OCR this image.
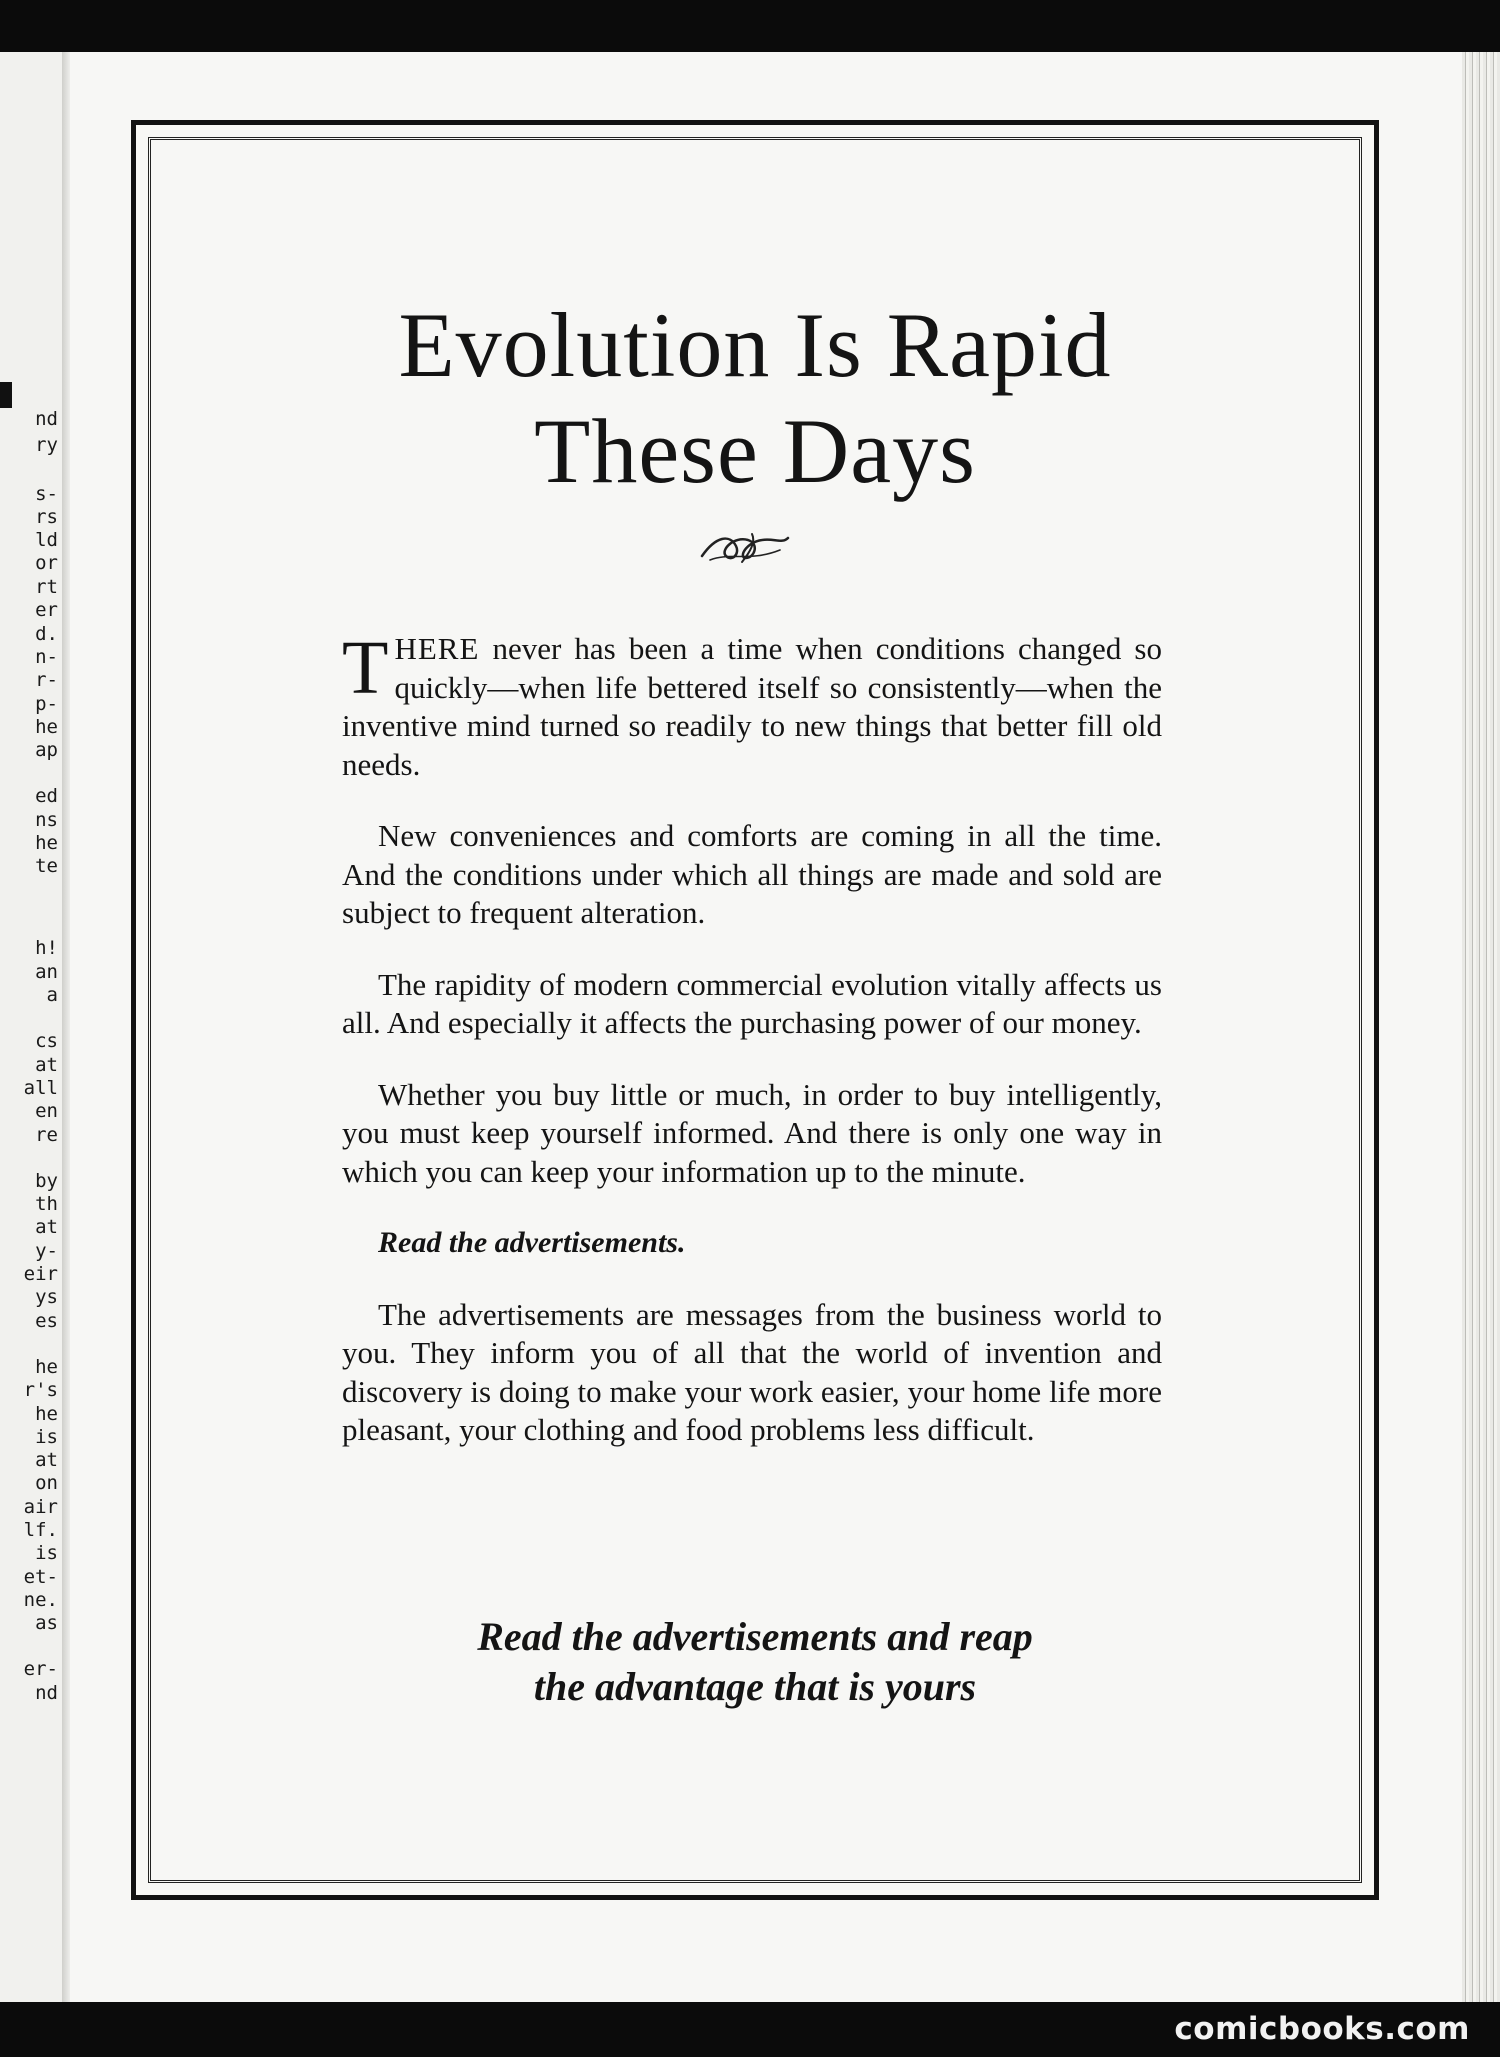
nd
ry
s-
rs
ld
or
rt
er
d.
n-
r-
p-
he
ap
ed
ns
he
te
h!
an
a
cs
at
all
en
re
by
th
at
y-
eir
ys
es
he
r's
he
is
at
on
air
lf.
is
et-
ne.
as
er-
nd
Evolution Is Rapid
These Days

THERE never has been a time when conditions changed so quickly—when life bettered itself so consistently—when the inventive mind turned so readily to new things that better fill old needs.

New conveniences and comforts are coming in all the time. And the conditions under which all things are made and sold are subject to frequent alteration.

The rapidity of modern commercial evolution vitally affects us all. And especially it affects the purchasing power of our money.

Whether you buy little or much, in order to buy intelligently, you must keep yourself informed. And there is only one way in which you can keep your information up to the minute.

Read the advertisements.

The advertisements are messages from the business world to you. They inform you of all that the world of invention and discovery is doing to make your work easier, your home life more pleasant, your clothing and food problems less difficult.

Read the advertisements and reap
the advantage that is yours
comicbooks.com
